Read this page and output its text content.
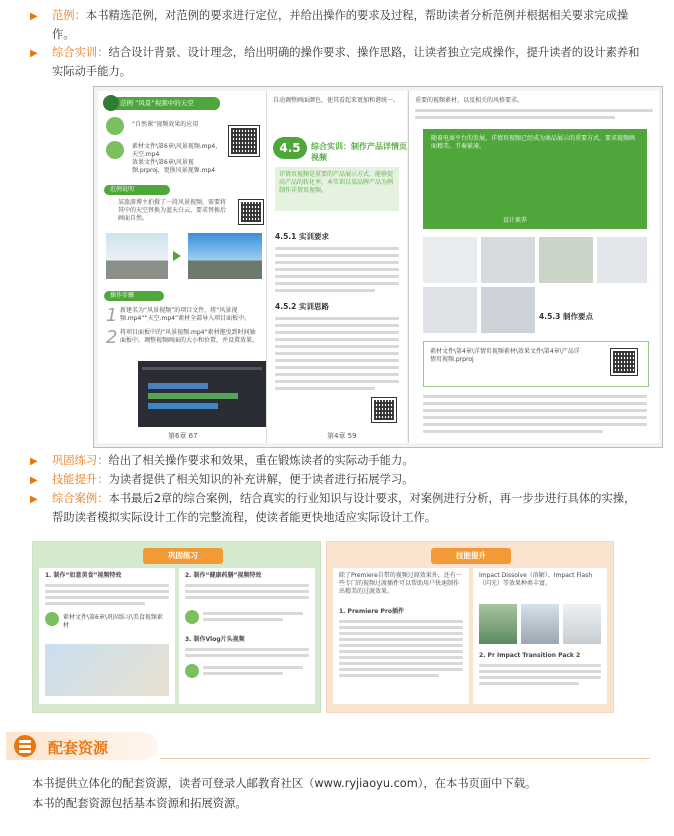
▶	范例：本书精选范例，对范例的要求进行定位，并给出操作的要求及过程，帮助读者分析范例并根据相关要求完成操作。
▶	综合实训：结合设计背景、设计理念，给出明确的操作要求、操作思路，让读者独立完成操作，提升读者的设计素养和实际动手能力。
范例 “风景”视频中的天空
“自然课”视频效果的应用
素材文件\第6章\风景视频.mp4、天空.mp4
效果文件\第6章\风景视频.prproj、更换风景视频.mp4
范例说明
某旅游博主拍摄了一段风景视频，需要将其中的天空替换为蓝天白云，要求替换后画面自然。
操作步骤
1 新建名为“风景视频”的项目文件，将“风景视频.mp4”“天空.mp4”素材全部导入项目面板中。
2 将项目面板中的“风景视频.mp4”素材拖曳到时间轴面板中，调整视频画面的大小和位置，并设置效果。
第6章 67
自动调整画面颜色，使其看起来更加和谐统一。
4.5	综合实训：制作产品详情页视频
详情页视频是重要的产品展示方式，能够提高产品的转化率，本实训以某品牌产品为例制作详情页视频。
4.5.1 实训要求
4.5.2 实训思路
第4章 59
重要的视频素材，以及相关的风格要求。
随着电商平台的发展，详情页视频已经成为商品展示的重要方式，要求视频画面精美、节奏紧凑。
设计素养
4.5.3 制作要点
素材文件\第4章\详情页视频素材\效果文件\第4章\产品详情页视频.prproj
▶	巩固练习：给出了相关操作要求和效果，重在锻炼读者的实际动手能力。
▶	技能提升：为读者提供了相关知识的补充讲解，便于读者进行拓展学习。
▶	综合案例：本书最后2章的综合案例，结合真实的行业知识与设计要求，对案例进行分析，再一步步进行具体的实操，帮助读者模拟实际设计工作的完整流程，使读者能更快地适应实际设计工作。
巩固练习
1. 制作“如意美食”视频特效
素材文件\第6章\巩固练习\美食视频素材
2. 制作“健康药膳”视频特效
3. 制作Vlog片头视频
技能提升
除了Premiere自带的视频过渡效果外，还有一些专门的视频过渡插件可以帮助用户快速制作出精美的过渡效果。
1. Premiere Pro插件
Impact Dissolve（溶解）、Impact Flash（闪光）等效果种类丰富。
2. Pr Impact Transition Pack 2
配套资源
本书提供立体化的配套资源，读者可登录人邮教育社区（www.ryjiaoyu.com），在本书页面中下载。
本书的配套资源包括基本资源和拓展资源。
